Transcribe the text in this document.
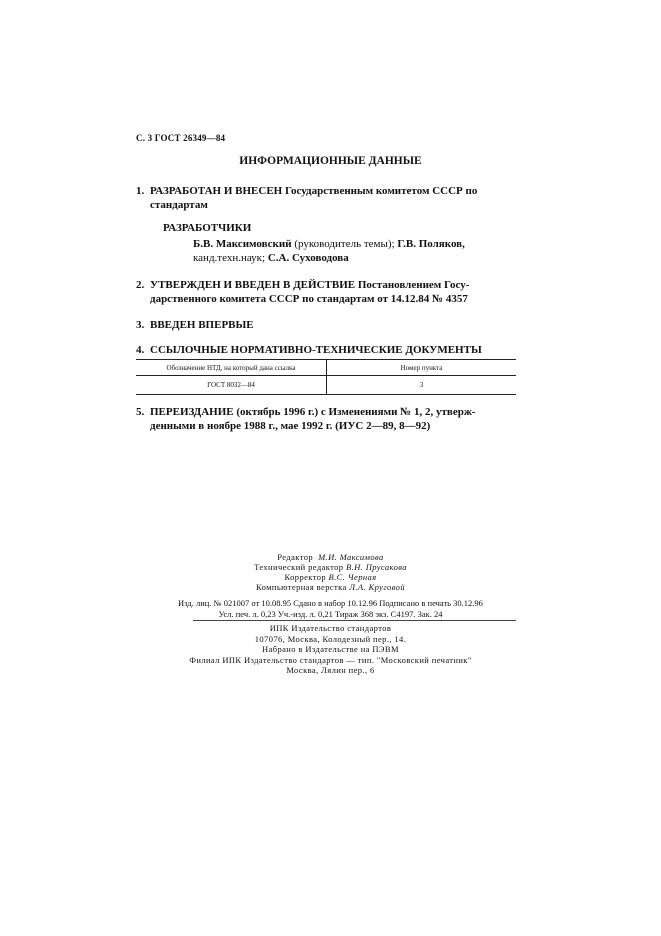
С. 3 ГОСТ 26349—84
ИНФОРМАЦИОННЫЕ ДАННЫЕ
1. РАЗРАБОТАН И ВНЕСЕН Государственным комитетом СССР по
стандартам
РАЗРАБОТЧИКИ
Б.В. Максимовский (руководитель темы); Г.В. Поляков,
канд.техн.наук; С.А. Суховодова
2. УТВЕРЖДЕН И ВВЕДЕН В ДЕЙСТВИЕ Постановлением Госу-
дарственного комитета СССР по стандартам от 14.12.84 № 4357
3. ВВЕДЕН ВПЕРВЫЕ
4. ССЫЛОЧНЫЕ НОРМАТИВНО-ТЕХНИЧЕСКИЕ ДОКУМЕНТЫ
Обозначение НТД, на который дана ссылка	Номер пункта
ГОСТ 8032—84	3
5. ПЕРЕИЗДАНИЕ (октябрь 1996 г.) с Изменениями № 1, 2, утверж-
денными в ноябре 1988 г., мае 1992 г. (ИУС 2—89, 8—92)
Редактор М.И. Максимова
Технический редактор В.Н. Прусакова
Корректор В.С. Черная
Компьютерная верстка Л.А. Круговой
Изд. лиц. № 021007 от 10.08.95 Сдано в набор 10.12.96 Подписано в печать 30.12.96
Усл. печ. л. 0,23 Уч.-изд. л. 0,21 Тираж 368 экз. С4197. Зак. 24
ИПК Издательство стандартов
107076, Москва, Колодезный пер., 14.
Набрано в Издательстве на ПЭВМ
Филиал ИПК Издательство стандартов — тип. "Московский печатник"
Москва, Лялин пер., 6
